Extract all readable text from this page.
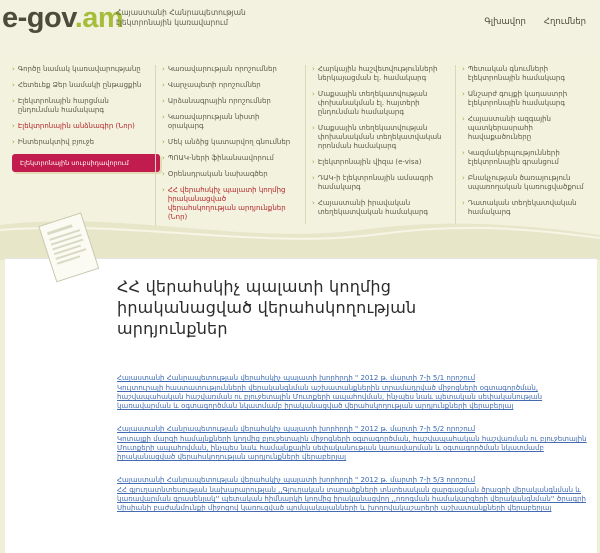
e-gov.am
Հայաստանի Հանրապետության էլեկտրոնային կառավարում	Գլխավոր Հղումներ
› Գործը նամակ կառավարությանը
› Հետեւեք Ձեր նամակի ընթացքին
› Էլեկտրոնային հարցման ընդունման համակարգ
› Էլեկտրոնային անձնագիր (Նոր)
› Ինտերակտիվ բյուջե
Էլեկտրոնային սուբսիդավորում
› Կառավարության որոշումներ
› Վարչապետի որոշումներ
› Արձանագրային որոշումներ
› Կառավարության նիստի օրակարգ
› Մեկ անձից կատարվող գնումներ
› ՊՈԱԿ-ների ֆինանսավորում
› Օրենսդրական նախագծեր
› ՀՀ վերահսկիչ պալատի կողմից իրականացված վերահսկողության արդյունքներ (Նոր)
› Հարկային հաշվետվությունների ներկայացման էլ. համակարգ
› Մաքսային տեղեկատվության փոխանակման էլ. հայտերի ընդունման համակարգ
› Մաքսային տեղեկատվության փոխանակման տեղեկատվական որոնման համակարգ
› Էլեկտրոնային վիզա (e-visa)
› ԴԱԿ-ի էլեկտրոնային ամսագրի համակարգ
› Հայաստանի իրավական տեղեկատվական համակարգ
› Պետական գնումների էլեկտրոնային համակարգ
› Անշարժ գույքի կադաստրի էլեկտրոնային համակարգ
› Հայաստանի ազգային պատկերասրահի հավաքածուները
› Կազմակերպությունների էլեկտրոնային գրանցում
› Բնակչության ծառայություն սպառողական կառուցվածքում
› Դատական տեղեկատվական համակարգ
ՀՀ վերահսկիչ պալատի կողմից իրականացված վերահսկողության արդյունքներ
Հայաստանի Հանրապետության վերահսկիչ պալատի խորհրդի " 2012 թ. մարտի 7-ի 5/1 որոշում
Կուլտուրայի հաստատությունների վերականգնման աշխատանքներին տրամադրված միջոցների օգտագործման, հաշվապահական հաշվառման ու բյուջետային Մուտքերի ապահովման, ինչպես նաև պետական սեփականության կառավարման և օգտագործման նկատմամբ իրականացված վերահսկողության արդյունքների վերաբերյալ
Հայաստանի Հանրապետության վերահսկիչ պալատի խորհրդի " 2012 թ. մարտի 7-ի 5/2 որոշում
Կոտայքի մարզի համայնքների կողմից բյուջետային միջոցների օգտագործման, հաշվապահական հաշվառման ու բյուջետային Մուտքերի ապահովման, ինչպես նաև համայնքային սեփականության կառավարման և օգտագործման նկատմամբ իրականացված վերահսկողության արդյունքների վերաբերյալ
Հայաստանի Հանրապետության վերահսկիչ պալատի խորհրդի " 2012 թ. մարտի 7-ի 5/3 որոշում
ՀՀ գյուղատնտեսության նախարարության ,,Գյուղական տարածքների տնտեսական զարգացման ծրագրի վերականգնման և կառավարման գրասենյակ'' պետական հիմնարկի կողմից իրականացվող ,,ոռոգման համակարգերի վերականգնման'' ծրագրի Սիսիանի բաժանմունքի միջոցով կառուցված պոմպակայանների և խողովակաշարերի աշխատանքների վերաբերյալ
